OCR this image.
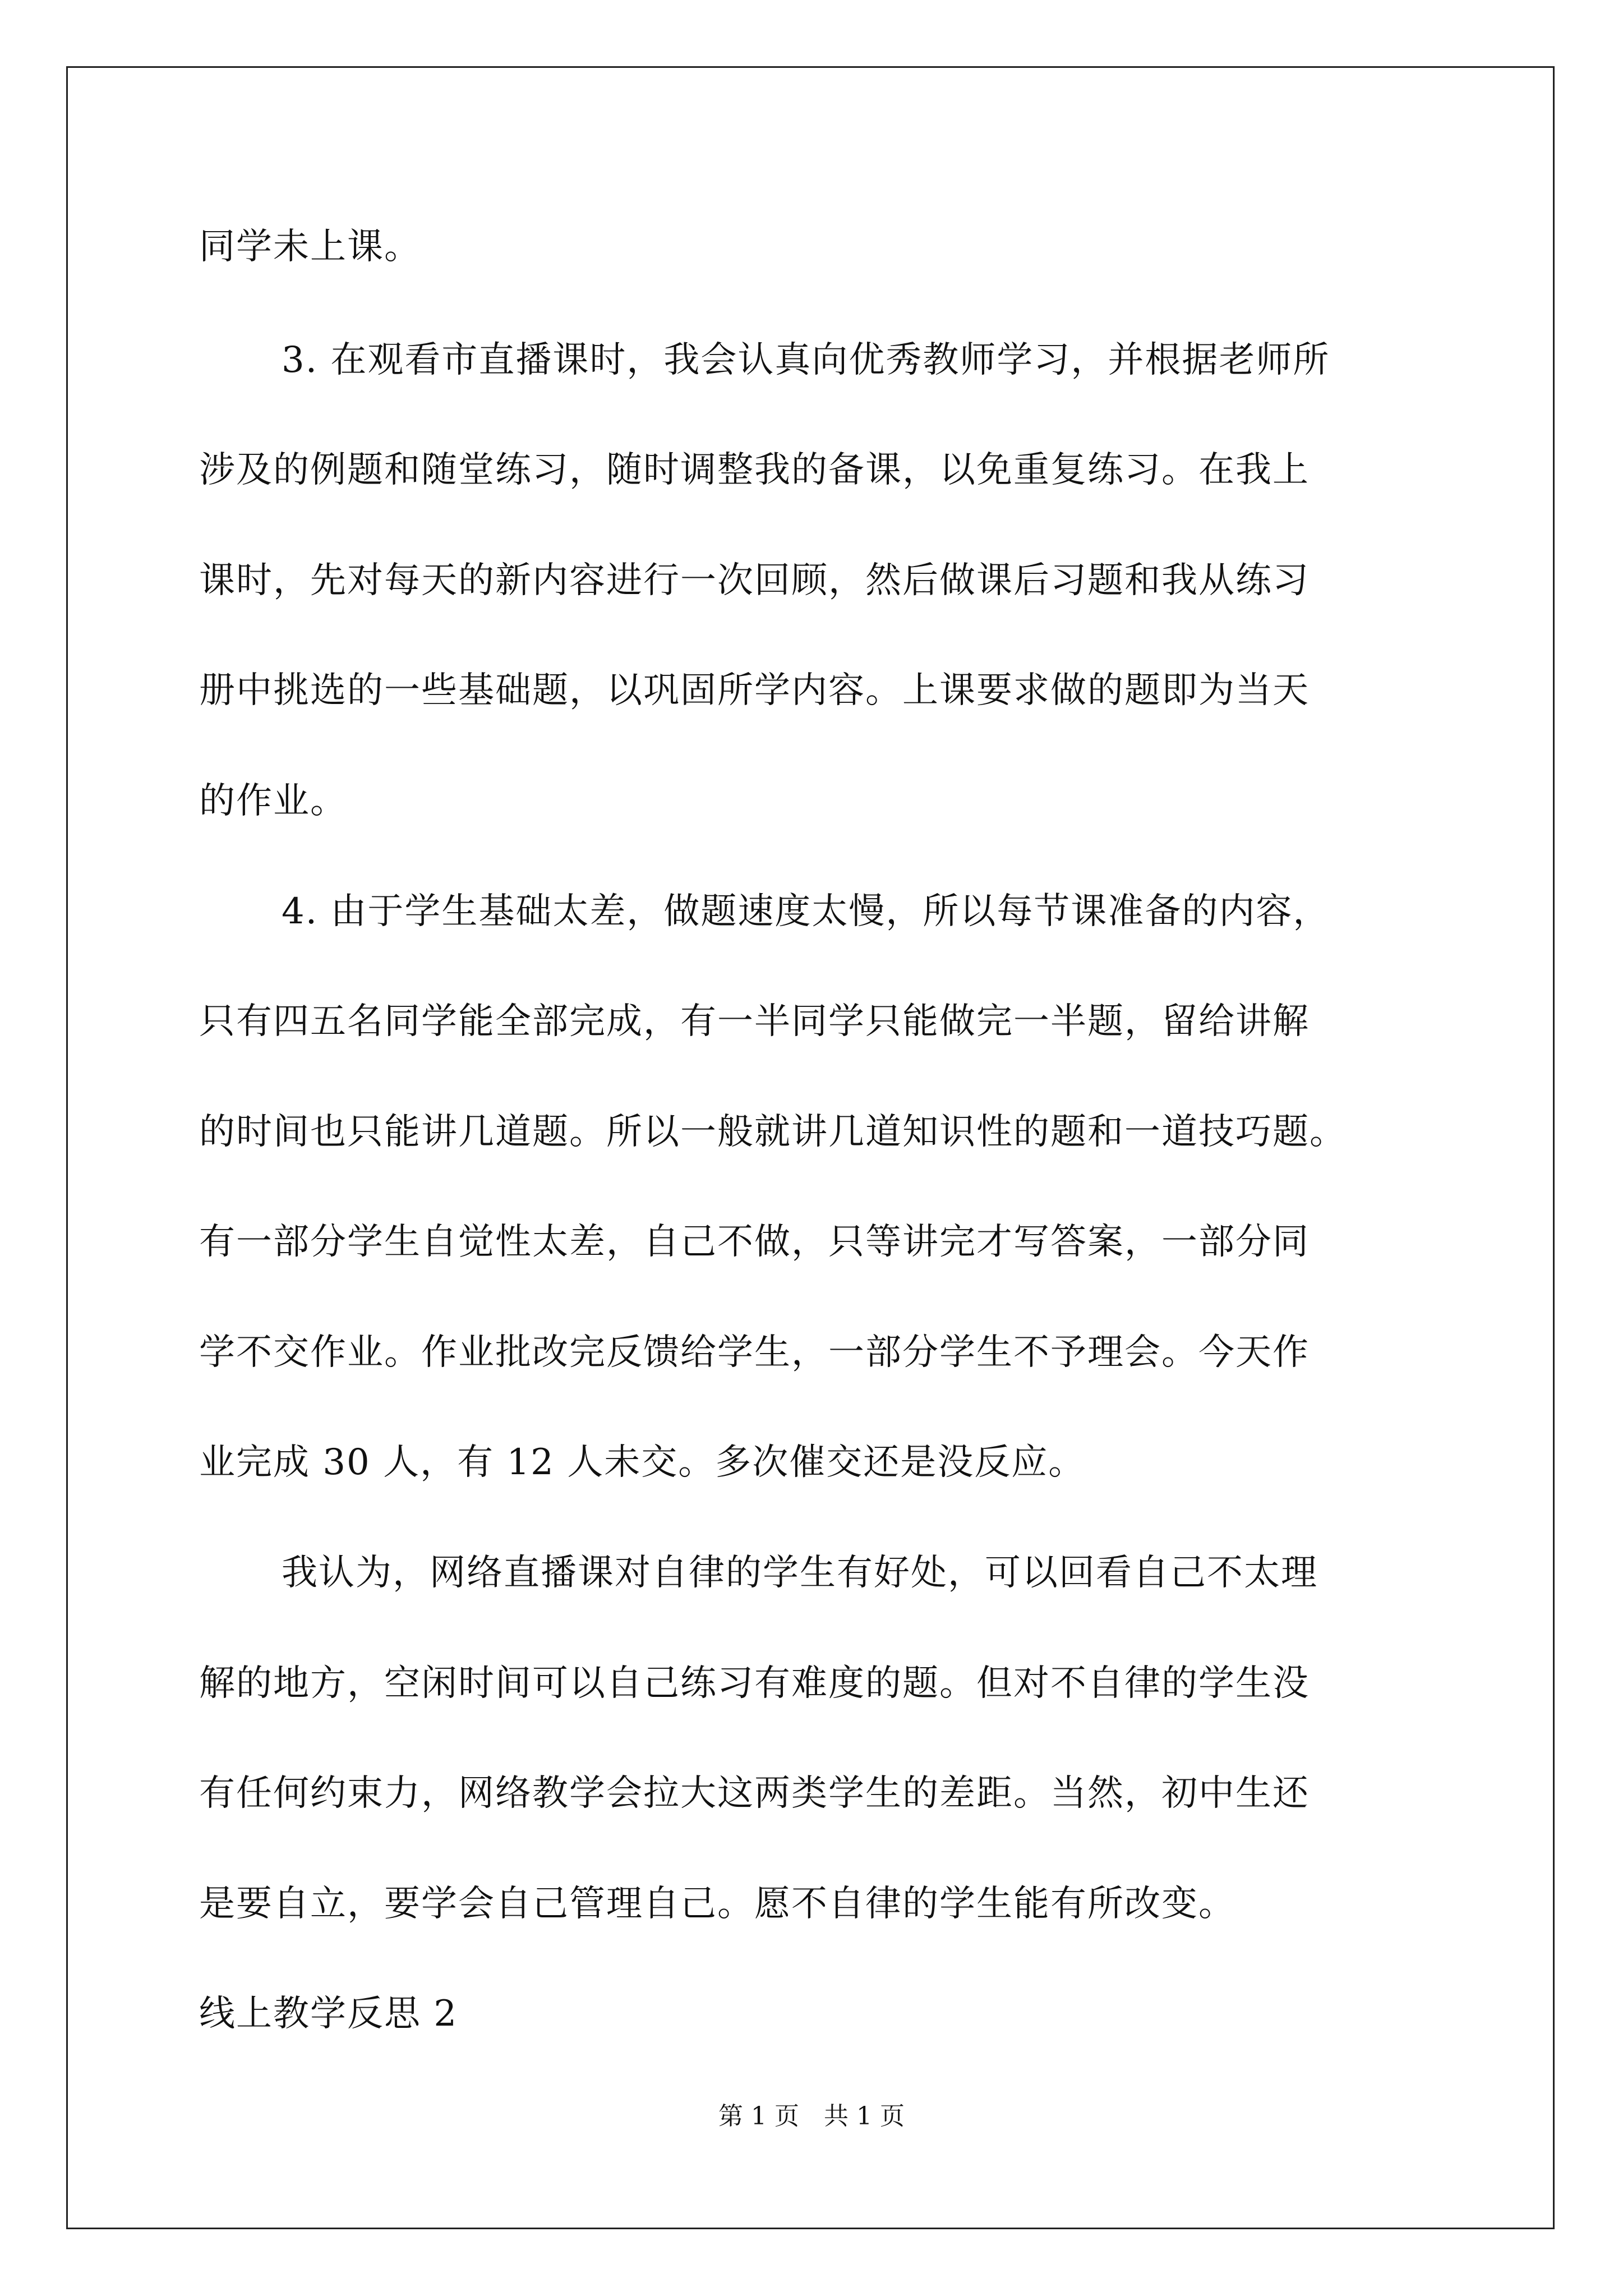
同学未上课。
3. 在观看市直播课时，我会认真向优秀教师学习，并根据老师所
涉及的例题和随堂练习，随时调整我的备课，以免重复练习。在我上
课时，先对每天的新内容进行一次回顾，然后做课后习题和我从练习
册中挑选的一些基础题，以巩固所学内容。上课要求做的题即为当天
的作业。
4. 由于学生基础太差，做题速度太慢，所以每节课准备的内容，
只有四五名同学能全部完成，有一半同学只能做完一半题，留给讲解
的时间也只能讲几道题。所以一般就讲几道知识性的题和一道技巧题。
有一部分学生自觉性太差，自己不做，只等讲完才写答案，一部分同
学不交作业。作业批改完反馈给学生，一部分学生不予理会。今天作
业完成 30 人，有 12 人未交。多次催交还是没反应。
我认为，网络直播课对自律的学生有好处，可以回看自己不太理
解的地方，空闲时间可以自己练习有难度的题。但对不自律的学生没
有任何约束力，网络教学会拉大这两类学生的差距。当然，初中生还
是要自立，要学会自己管理自己。愿不自律的学生能有所改变。
线上教学反思 2
第 1 页　共 1 页
